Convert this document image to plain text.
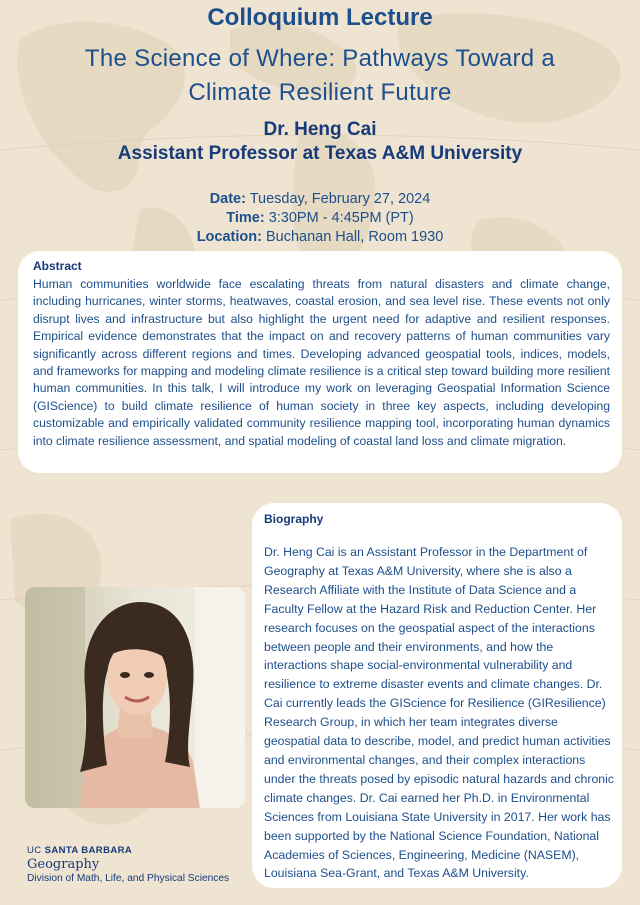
Colloquium Lecture
The Science of Where: Pathways Toward a
Climate Resilient Future
Dr. Heng Cai
Assistant Professor at Texas A&M University
Date: Tuesday, February 27, 2024
Time: 3:30PM - 4:45PM (PT)
Location: Buchanan Hall, Room 1930
Abstract

Human communities worldwide face escalating threats from natural disasters and climate change, including hurricanes, winter storms, heatwaves, coastal erosion, and sea level rise. These events not only disrupt lives and infrastructure but also highlight the urgent need for adaptive and resilient responses. Empirical evidence demonstrates that the impact on and recovery patterns of human communities vary significantly across different regions and times. Developing advanced geospatial tools, indices, models, and frameworks for mapping and modeling climate resilience is a critical step toward building more resilient human communities. In this talk, I will introduce my work on leveraging Geospatial Information Science (GIScience) to build climate resilience of human society in three key aspects, including developing customizable and empirically validated community resilience mapping tool, incorporating human dynamics into climate resilience assessment, and spatial modeling of coastal land loss and climate migration.

Biography

Dr. Heng Cai is an Assistant Professor in the Department of Geography at Texas A&M University, where she is also a Research Affiliate with the Institute of Data Science and a Faculty Fellow at the Hazard Risk and Reduction Center. Her research focuses on the geospatial aspect of the interactions between people and their environments, and how the interactions shape social-environmental vulnerability and resilience to extreme disaster events and climate changes. Dr. Cai currently leads the GIScience for Resilience (GIResilience) Research Group, in which her team integrates diverse geospatial data to describe, model, and predict human activities and environmental changes, and their complex interactions under the threats posed by episodic natural hazards and chronic climate changes. Dr. Cai earned her Ph.D. in Environmental Sciences from Louisiana State University in 2017. Her work has been supported by the National Science Foundation, National Academies of Sciences, Engineering, Medicine (NASEM), Louisiana Sea-Grant, and Texas A&M University.

UC SANTA BARBARA
Geography
Division of Math, Life, and Physical Sciences
